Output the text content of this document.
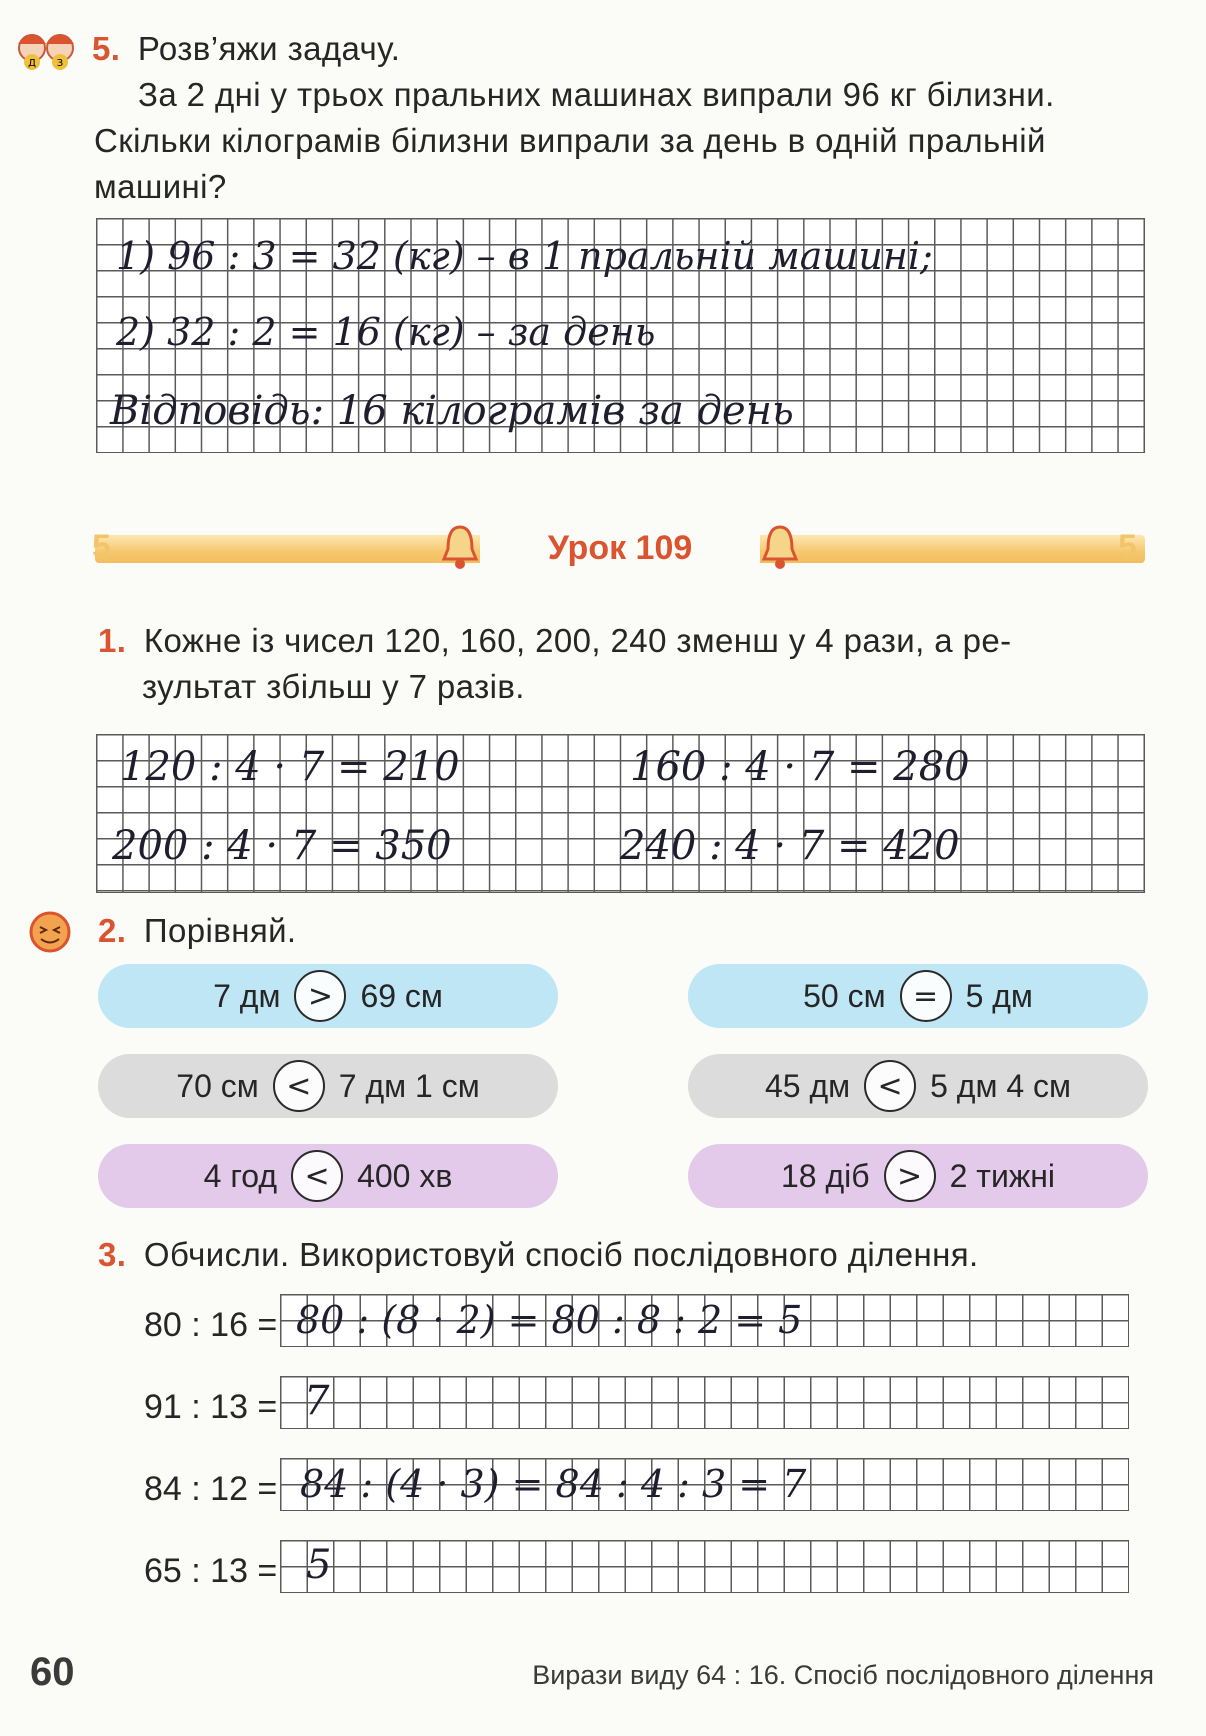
Д З 5. Розв’яжи задачу.
За 2 дні у трьох пральних машинах випрали 96 кг білизни.
Скільки кілограмів білизни випрали за день в одній пральній
машині?
1) 96 : 3 = 32 (кг) – в 1 пральній машині;
2) 32 : 2 = 16 (кг) – за день
Відповідь: 16 кілограмів за день
5	5
Урок 109
1. Кожне із чисел 120, 160, 200, 240 зменш у 4 рази, а ре-
зультат збільш у 7 разів.
120 : 4 · 7 = 210	160 : 4 · 7 = 280
200 : 4 · 7 = 350	240 : 4 · 7 = 420
2. Порівняй.
7 дм > 69 см	50 см = 5 дм
70 см < 7 дм 1 см	45 дм < 5 дм 4 см
4 год < 400 хв	18 діб > 2 тижні
3. Обчисли. Використовуй спосіб послідовного ділення.
80 : 16 = 80 : (8 · 2) = 80 : 8 : 2 = 5
91 : 13 = 7
84 : 12 = 84 : (4 · 3) = 84 : 4 : 3 = 7
65 : 13 = 5
60	Вирази виду 64 : 16. Спосіб послідовного ділення
